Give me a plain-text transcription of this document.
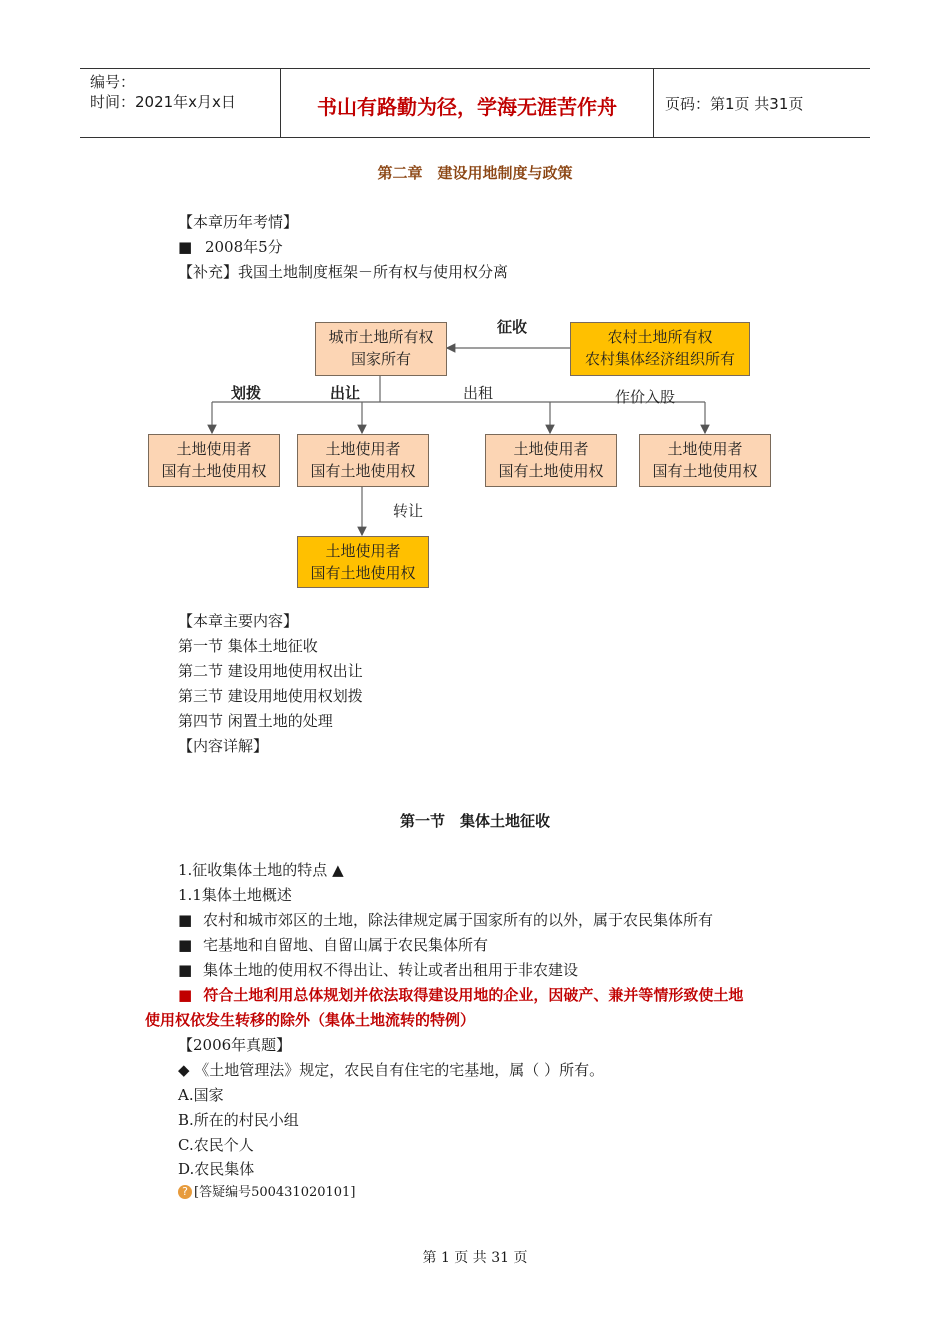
编号：
时间：2021年x月x日	书山有路勤为径，学海无涯苦作舟	页码：第1页 共31页
第二章　建设用地制度与政策
【本章历年考情】
■ 2008年5分
【补充】我国土地制度框架－所有权与使用权分离
城市土地所有权
国家所有
农村土地所有权
农村集体经济组织所有
征收
划拨	出让	出租	作价入股
转让
土地使用者
国有土地使用权
土地使用者
国有土地使用权
土地使用者
国有土地使用权
土地使用者
国有土地使用权
土地使用者
国有土地使用权
【本章主要内容】
第一节 集体土地征收
第二节 建设用地使用权出让
第三节 建设用地使用权划拨
第四节 闲置土地的处理
【内容详解】
第一节　集体土地征收
1.征收集体土地的特点 ▲
1.1集体土地概述
■ 农村和城市郊区的土地，除法律规定属于国家所有的以外，属于农民集体所有
■ 宅基地和自留地、自留山属于农民集体所有
■ 集体土地的使用权不得出让、转让或者出租用于非农建设
■ 符合土地利用总体规划并依法取得建设用地的企业，因破产、兼并等情形致使土地
使用权依发生转移的除外（集体土地流转的特例）
【2006年真题】
◆ 《土地管理法》规定，农民自有住宅的宅基地，属（ ）所有。
A.国家
B.所在的村民小组
C.农民个人
D.农民集体
? [答疑编号500431020101]
第 1 页 共 31 页
